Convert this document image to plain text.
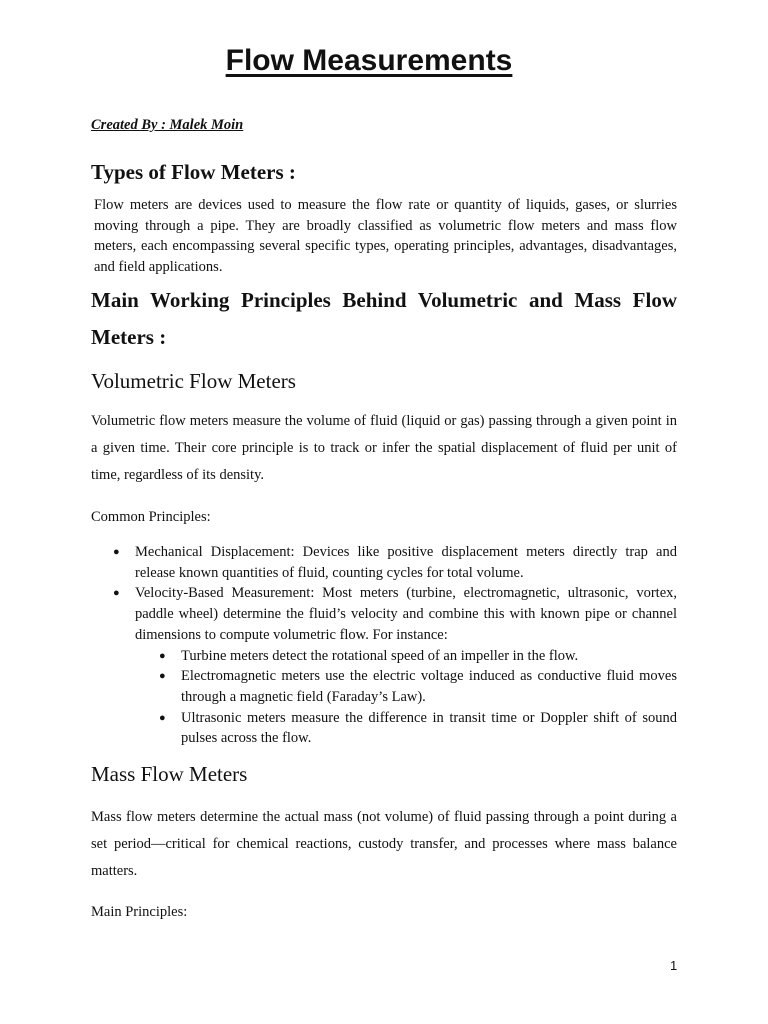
Flow Measurements

Created By : Malek Moin

Types of Flow Meters :

Flow meters are devices used to measure the flow rate or quantity of liquids, gases, or slurries moving through a pipe. They are broadly classified as volumetric flow meters and mass flow meters, each encompassing several specific types, operating principles, advantages, disadvantages, and field applications.

Main Working Principles Behind Volumetric and Mass Flow Meters :
Volumetric Flow Meters

Volumetric flow meters measure the volume of fluid (liquid or gas) passing through a given point in a given time. Their core principle is to track or infer the spatial displacement of fluid per unit of time, regardless of its density.

Common Principles:

● Mechanical Displacement: Devices like positive displacement meters directly trap and release known quantities of fluid, counting cycles for total volume.
● Velocity-Based Measurement: Most meters (turbine, electromagnetic, ultrasonic, vortex, paddle wheel) determine the fluid’s velocity and combine this with known pipe or channel dimensions to compute volumetric flow. For instance:
● Turbine meters detect the rotational speed of an impeller in the flow.
● Electromagnetic meters use the electric voltage induced as conductive fluid moves through a magnetic field (Faraday’s Law).
● Ultrasonic meters measure the difference in transit time or Doppler shift of sound pulses across the flow.
Mass Flow Meters

Mass flow meters determine the actual mass (not volume) of fluid passing through a point during a set period—critical for chemical reactions, custody transfer, and processes where mass balance matters.

Main Principles:

1
